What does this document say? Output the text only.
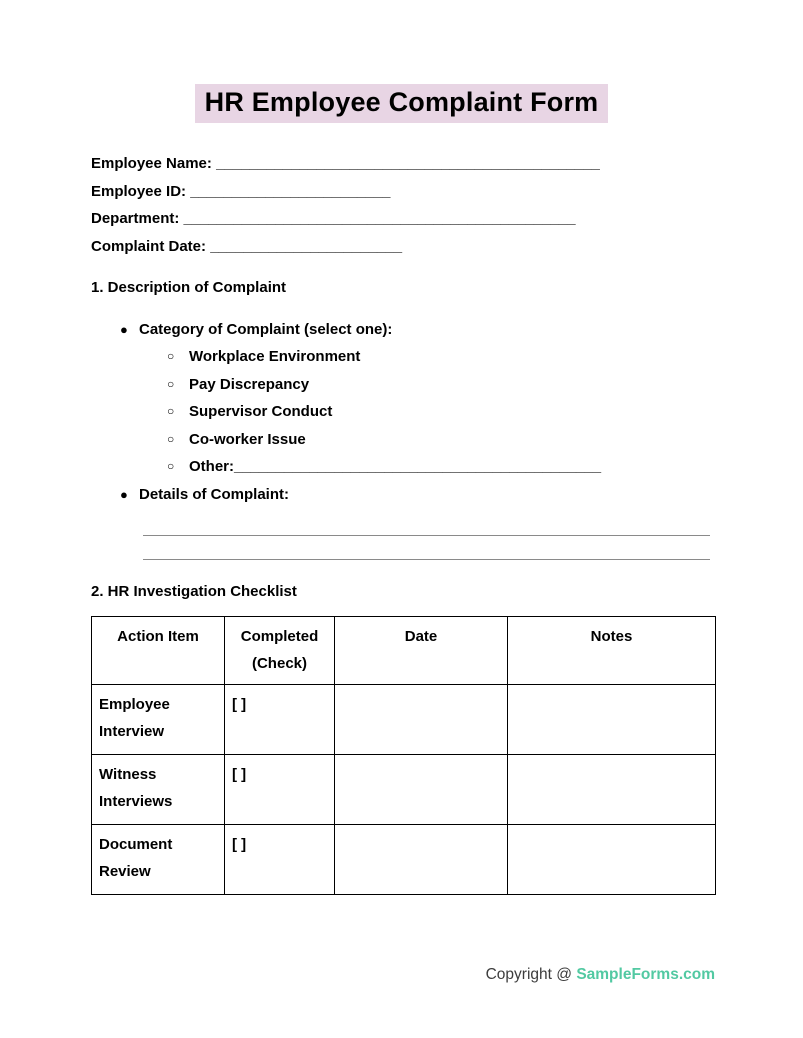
HR Employee Complaint Form
Employee Name: ______________________________________________
Employee ID: ________________________
Department: _______________________________________________
Complaint Date: _______________________
1. Description of Complaint
● Category of Complaint (select one):
○ Workplace Environment
○ Pay Discrepancy
○ Supervisor Conduct
○ Co-worker Issue
○ Other: ____________________________________________
● Details of Complaint:
2. HR Investigation Checklist
Action Item	Completed (Check)	Date	Notes
Employee Interview	[ ]		
Witness Interviews	[ ]		
Document Review	[ ]		
Copyright @ SampleForms.com
